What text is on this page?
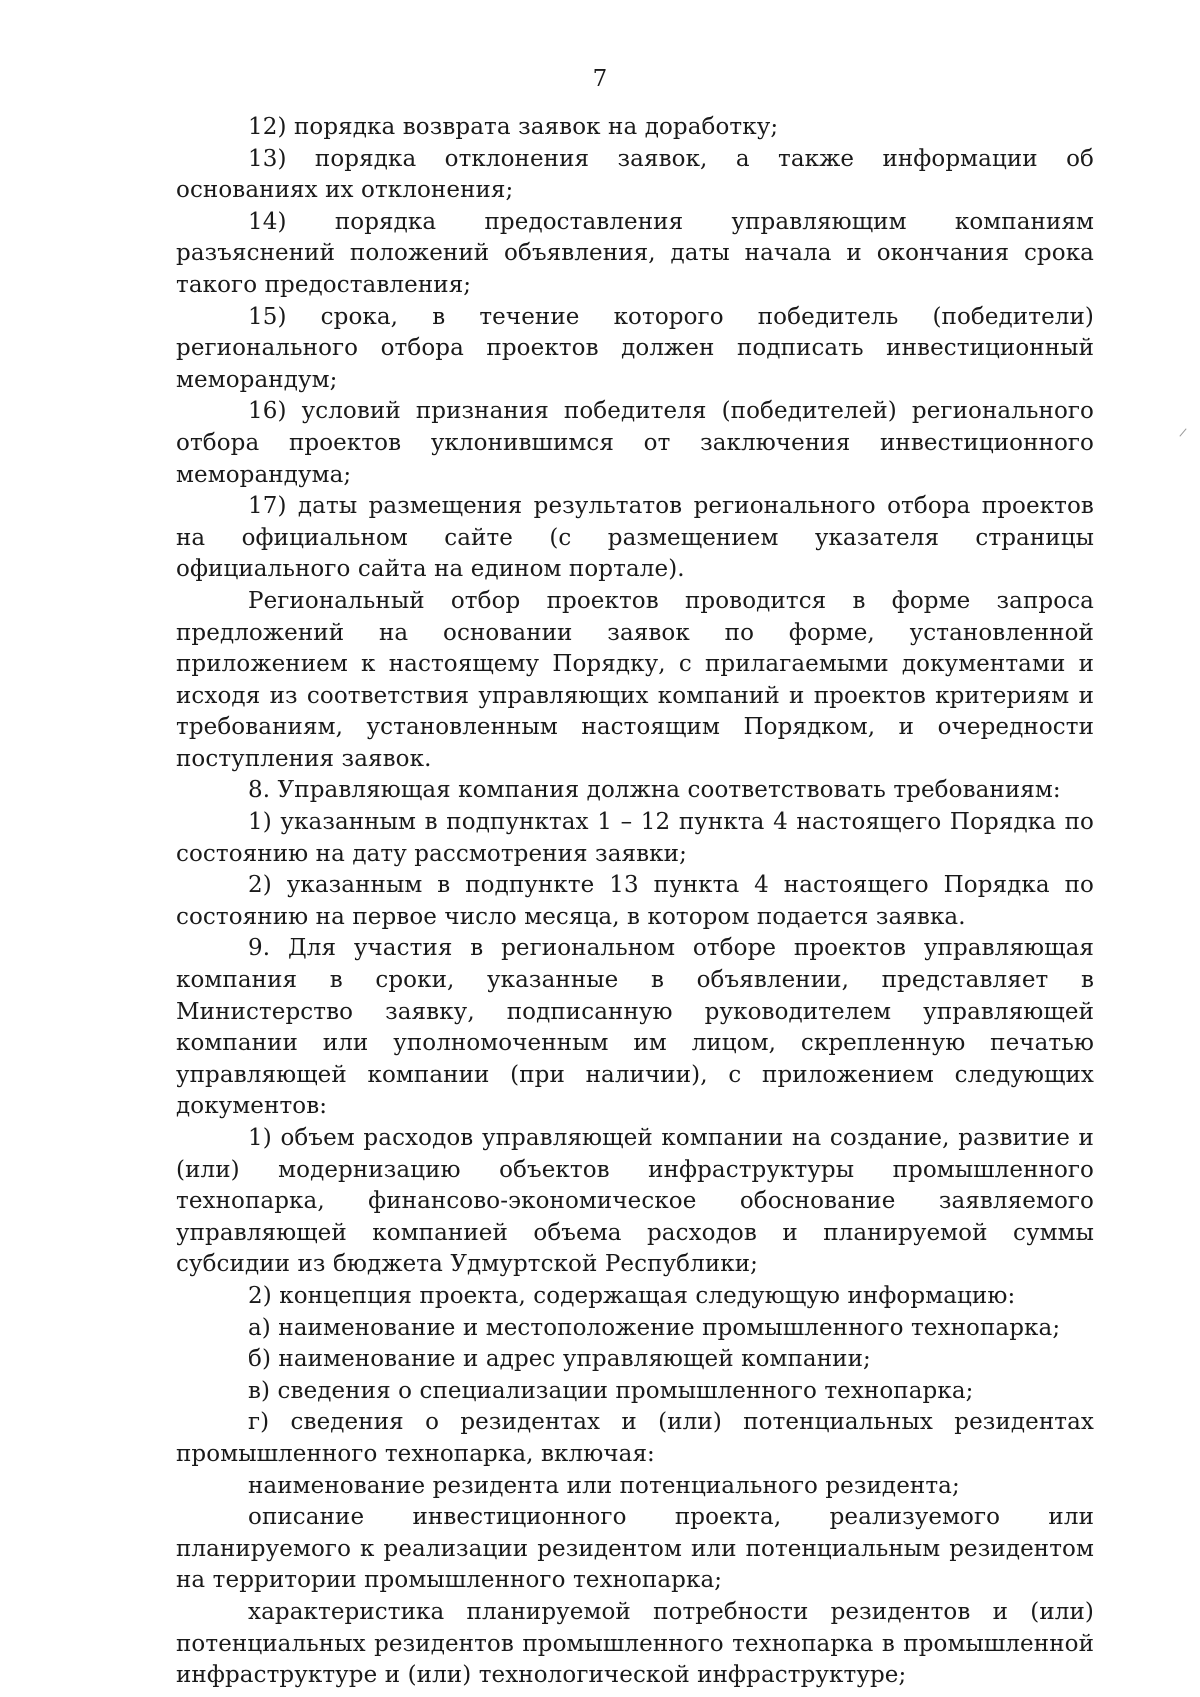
7

12) порядка возврата заявок на доработку;

13) порядка отклонения заявок, а также информации об основаниях их отклонения;

14) порядка предоставления управляющим компаниям разъяснений положений объявления, даты начала и окончания срока такого предоставления;

15) срока, в течение которого победитель (победители) регионального отбора проектов должен подписать инвестиционный меморандум;

16) условий признания победителя (победителей) регионального отбора проектов уклонившимся от заключения инвестиционного меморандума;

17) даты размещения результатов регионального отбора проектов на официальном сайте (с размещением указателя страницы официального сайта на едином портале).

Региональный отбор проектов проводится в форме запроса предложений на основании заявок по форме, установленной приложением к настоящему Порядку, с прилагаемыми документами и исходя из соответствия управляющих компаний и проектов критериям и требованиям, установленным настоящим Порядком, и очередности поступления заявок.

8. Управляющая компания должна соответствовать требованиям:

1) указанным в подпунктах 1 – 12 пункта 4 настоящего Порядка по состоянию на дату рассмотрения заявки;

2) указанным в подпункте 13 пункта 4 настоящего Порядка по состоянию на первое число месяца, в котором подается заявка.

9. Для участия в региональном отборе проектов управляющая компания в сроки, указанные в объявлении, представляет в Министерство заявку, подписанную руководителем управляющей компании или уполномоченным им лицом, скрепленную печатью управляющей компании (при наличии), с приложением следующих документов:

1) объем расходов управляющей компании на создание, развитие и (или) модернизацию объектов инфраструктуры промышленного технопарка, финансово-экономическое обоснование заявляемого управляющей компанией объема расходов и планируемой суммы субсидии из бюджета Удмуртской Республики;

2) концепция проекта, содержащая следующую информацию:

а) наименование и местоположение промышленного технопарка;

б) наименование и адрес управляющей компании;

в) сведения о специализации промышленного технопарка;

г) сведения о резидентах и (или) потенциальных резидентах промышленного технопарка, включая:

наименование резидента или потенциального резидента;

описание инвестиционного проекта, реализуемого или планируемого к реализации резидентом или потенциальным резидентом на территории промышленного технопарка;

характеристика планируемой потребности резидентов и (или) потенциальных резидентов промышленного технопарка в промышленной инфраструктуре и (или) технологической инфраструктуре;
